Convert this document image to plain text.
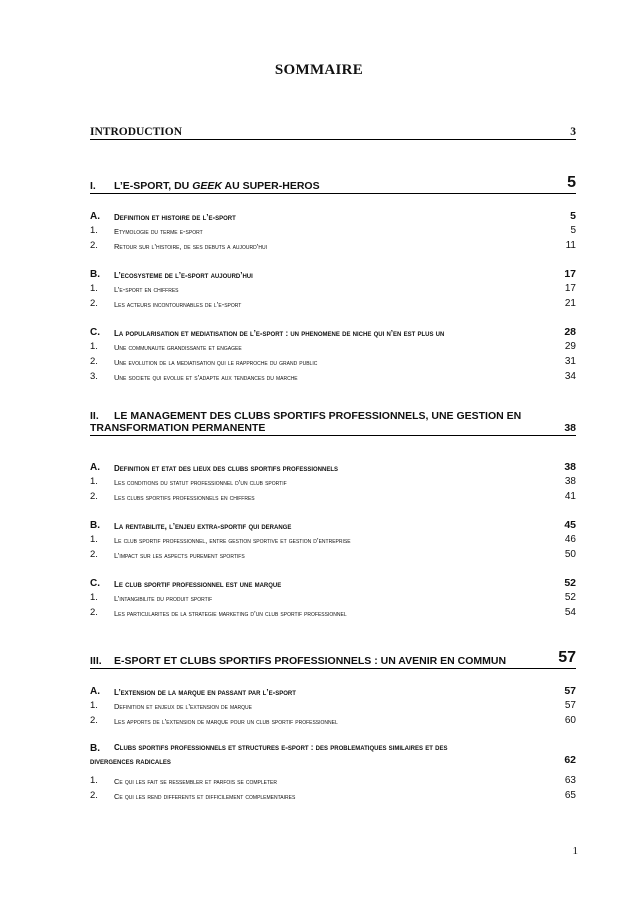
SOMMAIRE
INTRODUCTION	3
I.	L’E-SPORT, DU GEEK AU SUPER-HEROS	5
A.	Definition et histoire de l’e-sport	5
1.	Etymologie du terme e-sport	5
2.	Retour sur l’histoire, de ses debuts a aujourd’hui	11
B.	L’ecosysteme de l’e-sport aujourd’hui	17
1.	L’e-sport en chiffres	17
2.	Les acteurs incontournables de l’e-sport	21
C.	La popularisation et mediatisation de l’e-sport : un phenomene de niche qui n’en est plus un	28
1.	Une communaute grandissante et engagee	29
2.	Une evolution de la mediatisation qui le rapproche du grand public	31
3.	Une societe qui evolue et s’adapte aux tendances du marche	34
II.	LE MANAGEMENT DES CLUBS SPORTIFS PROFESSIONNELS, UNE GESTION EN
TRANSFORMATION PERMANENTE	38
A.	Definition et etat des lieux des clubs sportifs professionnels	38
1.	Les conditions du statut professionnel d’un club sportif	38
2.	Les clubs sportifs professionnels en chiffres	41
B.	La rentabilite, l’enjeu extra-sportif qui derange	45
1.	Le club sportif professionnel, entre gestion sportive et gestion d’entreprise	46
2.	L’impact sur les aspects purement sportifs	50
C.	Le club sportif professionnel est une marque	52
1.	L’intangibilite du produit sportif	52
2.	Les particularites de la strategie marketing d’un club sportif professionnel	54
III.	E-SPORT ET CLUBS SPORTIFS PROFESSIONNELS : UN AVENIR EN COMMUN	57
A.	L’extension de la marque en passant par l’e-sport	57
1.	Definition et enjeux de l’extension de marque	57
2.	Les apports de l’extension de marque pour un club sportif professionnel	60
B.	Clubs sportifs professionnels et structures e-sport : des problematiques similaires et des
divergences radicales	62
1.	Ce qui les fait se ressembler et parfois se completer	63
2.	Ce qui les rend differents et difficilement complementaires	65
1
